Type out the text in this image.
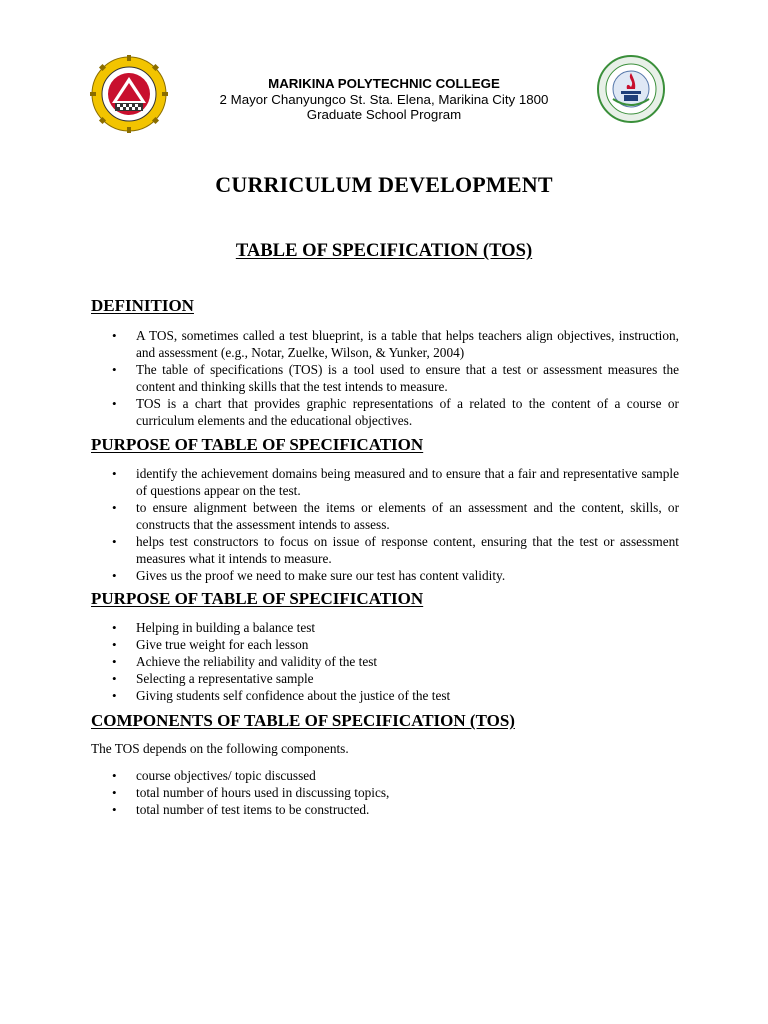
MARIKINA POLYTECHNIC COLLEGE
2 Mayor Chanyungco St. Sta. Elena, Marikina City 1800
Graduate School Program
CURRICULUM DEVELOPMENT
TABLE OF SPECIFICATION (TOS)
DEFINITION
• A TOS, sometimes called a test blueprint, is a table that helps teachers align objectives, instruction, and assessment (e.g., Notar, Zuelke, Wilson, & Yunker, 2004)
• The table of specifications (TOS) is a tool used to ensure that a test or assessment measures the content and thinking skills that the test intends to measure.
• TOS is a chart that provides graphic representations of a related to the content of a course or curriculum elements and the educational objectives.
PURPOSE OF TABLE OF SPECIFICATION
• identify the achievement domains being measured and to ensure that a fair and representative sample of questions appear on the test.
• to ensure alignment between the items or elements of an assessment and the content, skills, or constructs that the assessment intends to assess.
• helps test constructors to focus on issue of response content, ensuring that the test or assessment measures what it intends to measure.
• Gives us the proof we need to make sure our test has content validity.
PURPOSE OF TABLE OF SPECIFICATION
• Helping in building a balance test
• Give true weight for each lesson
• Achieve the reliability and validity of the test
• Selecting a representative sample
• Giving students self confidence about the justice of the test
COMPONENTS OF TABLE OF SPECIFICATION (TOS)
The TOS depends on the following components.
• course objectives/ topic discussed
• total number of hours used in discussing topics,
• total number of test items to be constructed.
